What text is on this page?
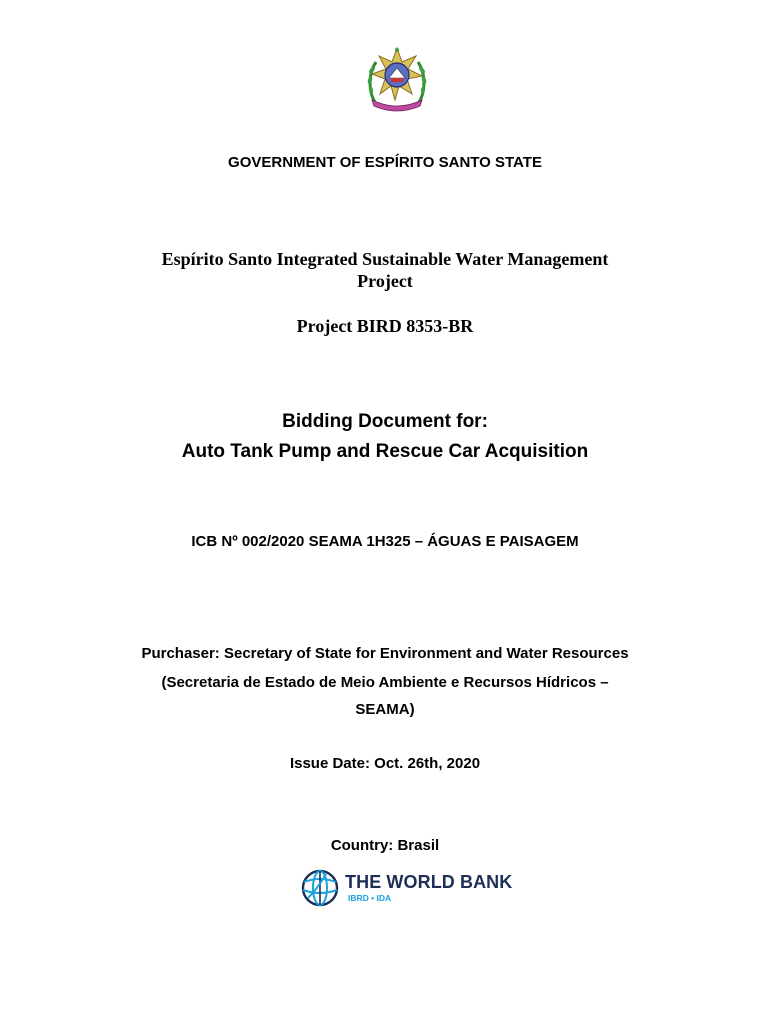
GOVERNMENT OF ESPÍRITO SANTO STATE
Espírito Santo Integrated Sustainable Water Management
Project
Project BIRD 8353-BR
Bidding Document for:
Auto Tank Pump and Rescue Car Acquisition
ICB Nº 002/2020 SEAMA 1H325 – ÁGUAS E PAISAGEM
Purchaser: Secretary of State for Environment and Water Resources
(Secretaria de Estado de Meio Ambiente e Recursos Hídricos –
SEAMA)
Issue Date: Oct. 26th, 2020
Country: Brasil
THE WORLD BANK
IBRD • IDA
